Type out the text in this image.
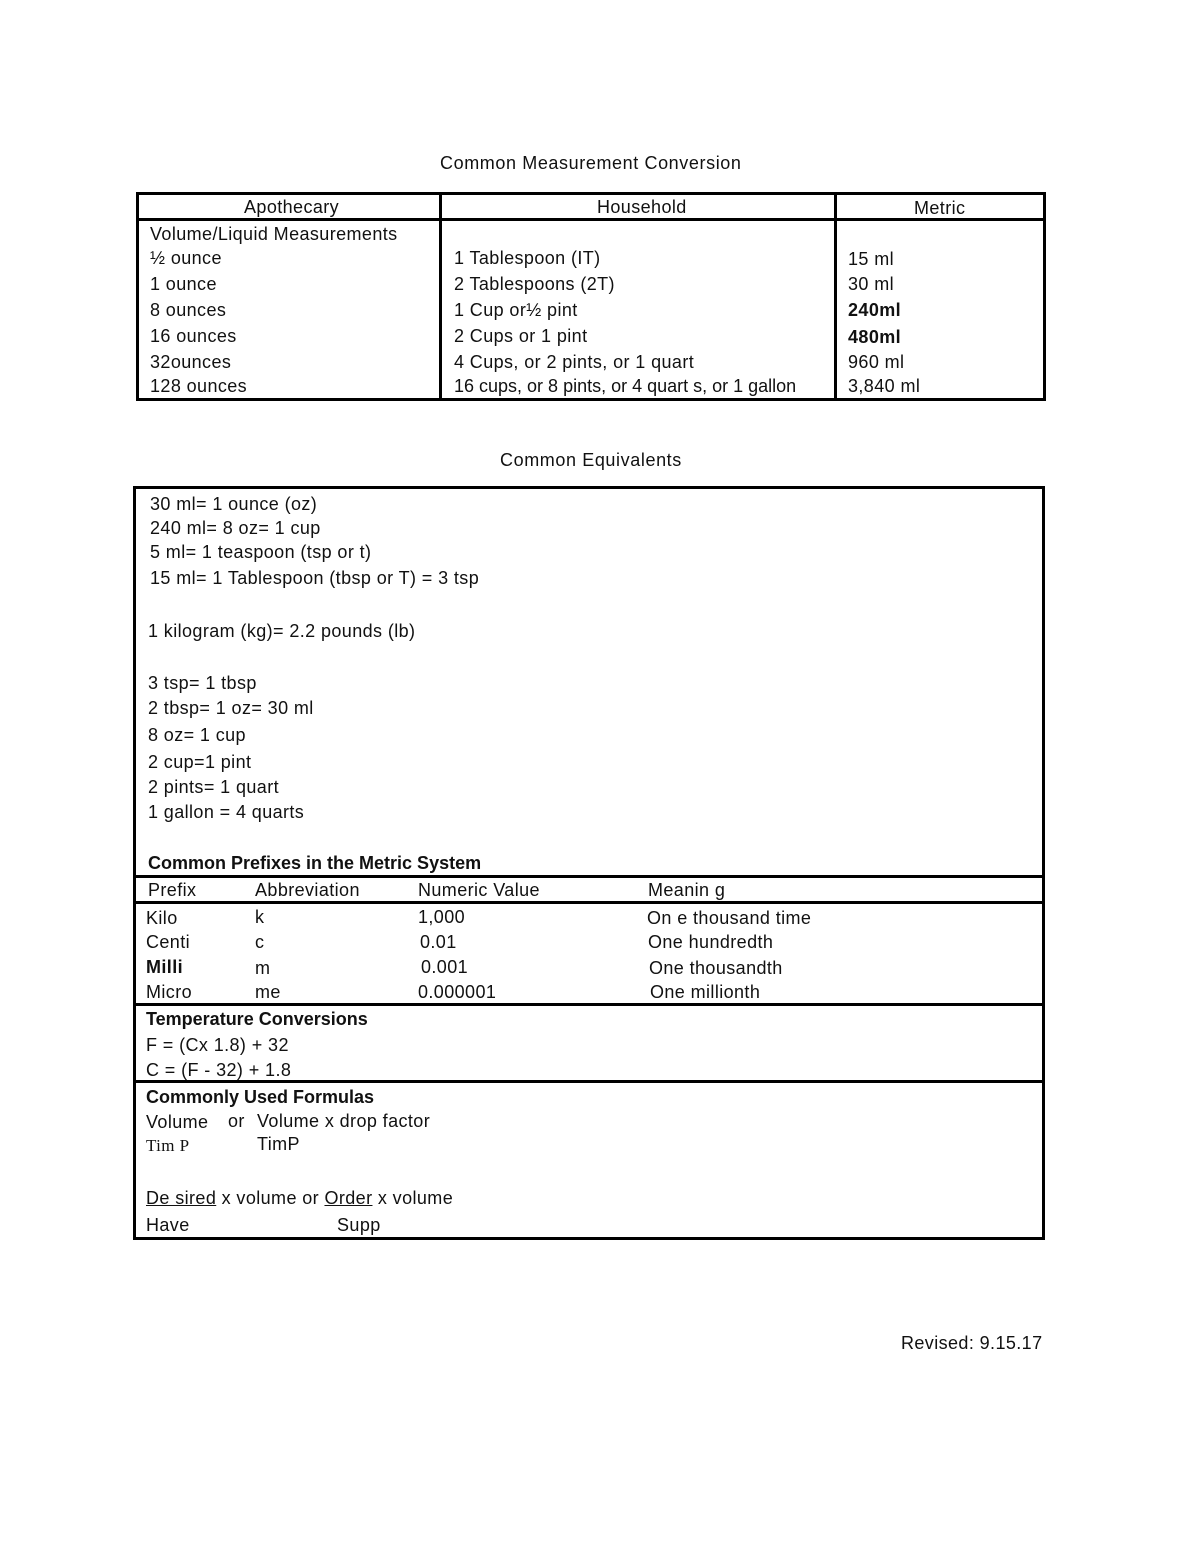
Common Measurement Conversion
Apothecary	Household	Metric
Volume/Liquid Measurements
½ ounce	1 Tablespoon (IT)	15 ml
1 ounce	2 Tablespoons (2T)	30 ml
8 ounces	1 Cup or½ pint	240ml
16 ounces	2 Cups or 1 pint	480ml
32ounces	4 Cups, or 2 pints, or 1 quart	960 ml
128 ounces	16 cups, or 8 pints, or 4 quart s, or 1 gallon	3,840 ml
Common Equivalents
30 ml= 1 ounce (oz)
240 ml= 8 oz= 1 cup
5 ml= 1 teaspoon (tsp or t)
15 ml= 1 Tablespoon (tbsp or T) = 3 tsp
1 kilogram (kg)= 2.2 pounds (lb)
3 tsp= 1 tbsp
2 tbsp= 1 oz= 30 ml
8 oz= 1 cup
2 cup=1 pint
2 pints= 1 quart
1 gallon = 4 quarts
Common Prefixes in the Metric System
Prefix	Abbreviation	Numeric Value	Meanin g
Kilo	k	1,000	On e thousand time
Centi	c	0.01	One hundredth
Milli	m	0.001	One thousandth
Micro	me	0.000001	One millionth
Temperature Conversions
F = (Cx 1.8) + 32
C = (F - 32) + 1.8
Commonly Used Formulas
Volume or Volume x drop factor
Tim P	TimP
De sired x volume or Order x volume
Have	Supp
Revised: 9.15.17
